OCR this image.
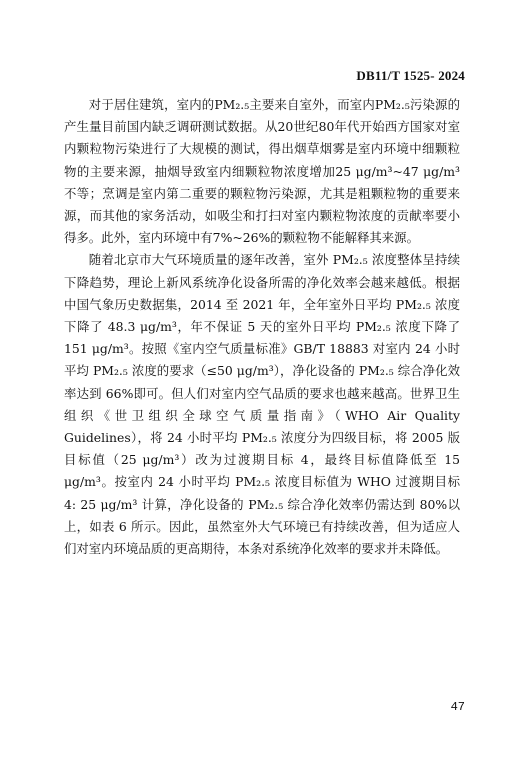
DB11/T 1525- 2024

对于居住建筑，室内的PM₂.₅主要来自室外，而室内PM₂.₅污染源的产生量目前国内缺乏调研测试数据。从20世纪80年代开始西方国家对室内颗粒物污染进行了大规模的测试，得出烟草烟雾是室内环境中细颗粒物的主要来源，抽烟导致室内细颗粒物浓度增加25 μg/m³~47 μg/m³不等；烹调是室内第二重要的颗粒物污染源，尤其是粗颗粒物的重要来源，而其他的家务活动，如吸尘和打扫对室内颗粒物浓度的贡献率要小得多。此外，室内环境中有7%~26%的颗粒物不能解释其来源。

随着北京市大气环境质量的逐年改善，室外 PM₂.₅ 浓度整体呈持续下降趋势，理论上新风系统净化设备所需的净化效率会越来越低。根据中国气象历史数据集，2014 至 2021 年，全年室外日平均 PM₂.₅ 浓度下降了 48.3 μg/m³，年不保证 5 天的室外日平均 PM₂.₅ 浓度下降了 151 μg/m³。按照《室内空气质量标准》GB/T 18883 对室内 24 小时平均 PM₂.₅ 浓度的要求（≤50 μg/m³），净化设备的 PM₂.₅ 综合净化效率达到 66%即可。但人们对室内空气品质的要求也越来越高。世界卫生组织《世卫组织全球空气质量指南》（WHO Air Quality Guidelines），将 24 小时平均 PM₂.₅ 浓度分为四级目标，将 2005 版目标值（25 μg/m³）改为过渡期目标 4，最终目标值降低至 15 μg/m³。按室内 24 小时平均 PM₂.₅ 浓度目标值为 WHO 过渡期目标 4: 25 μg/m³ 计算，净化设备的 PM₂.₅ 综合净化效率仍需达到 80%以上，如表 6 所示。因此，虽然室外大气环境已有持续改善，但为适应人们对室内环境品质的更高期待，本条对系统净化效率的要求并未降低。

47
